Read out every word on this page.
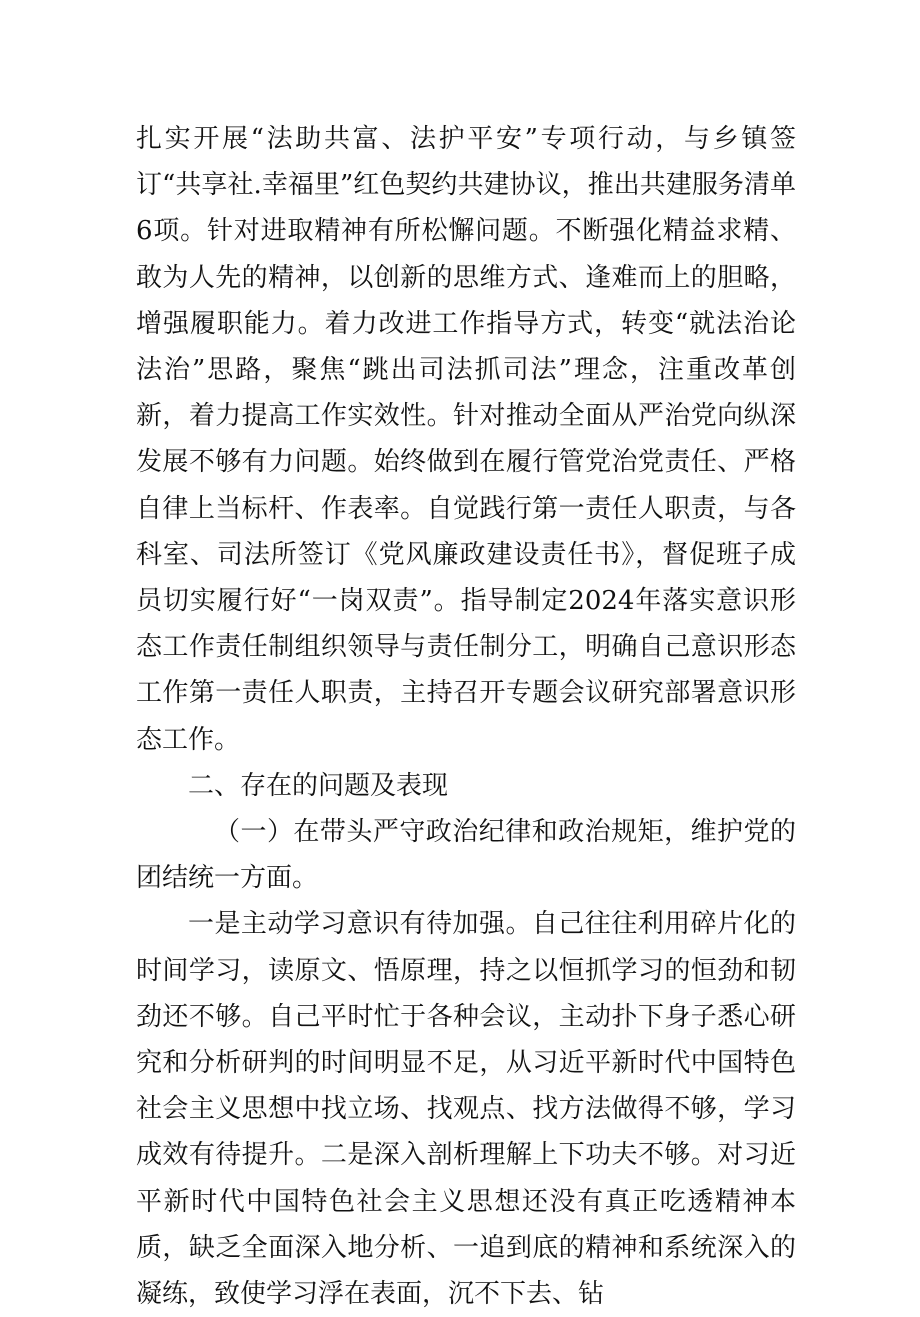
扎实开展“法助共富、法护平安”专项行动，与乡镇签订“共享社.幸福里”红色契约共建协议，推出共建服务清单6项。针对进取精神有所松懈问题。不断强化精益求精、敢为人先的精神，以创新的思维方式、逢难而上的胆略，增强履职能力。着力改进工作指导方式，转变“就法治论法治”思路，聚焦“跳出司法抓司法”理念，注重改革创新，着力提高工作实效性。针对推动全面从严治党向纵深发展不够有力问题。始终做到在履行管党治党责任、严格自律上当标杆、作表率。自觉践行第一责任人职责，与各科室、司法所签订《党风廉政建设责任书》，督促班子成员切实履行好“一岗双责”。指导制定2024年落实意识形态工作责任制组织领导与责任制分工，明确自己意识形态工作第一责任人职责，主持召开专题会议研究部署意识形态工作。

二、存在的问题及表现

（一）在带头严守政治纪律和政治规矩，维护党的团结统一方面。

一是主动学习意识有待加强。自己往往利用碎片化的时间学习，读原文、悟原理，持之以恒抓学习的恒劲和韧劲还不够。自己平时忙于各种会议，主动扑下身子悉心研究和分析研判的时间明显不足，从习近平新时代中国特色社会主义思想中找立场、找观点、找方法做得不够，学习成效有待提升。二是深入剖析理解上下功夫不够。对习近平新时代中国特色社会主义思想还没有真正吃透精神本质，缺乏全面深入地分析、一追到底的精神和系统深入的凝练，致使学习浮在表面，沉不下去、钻
